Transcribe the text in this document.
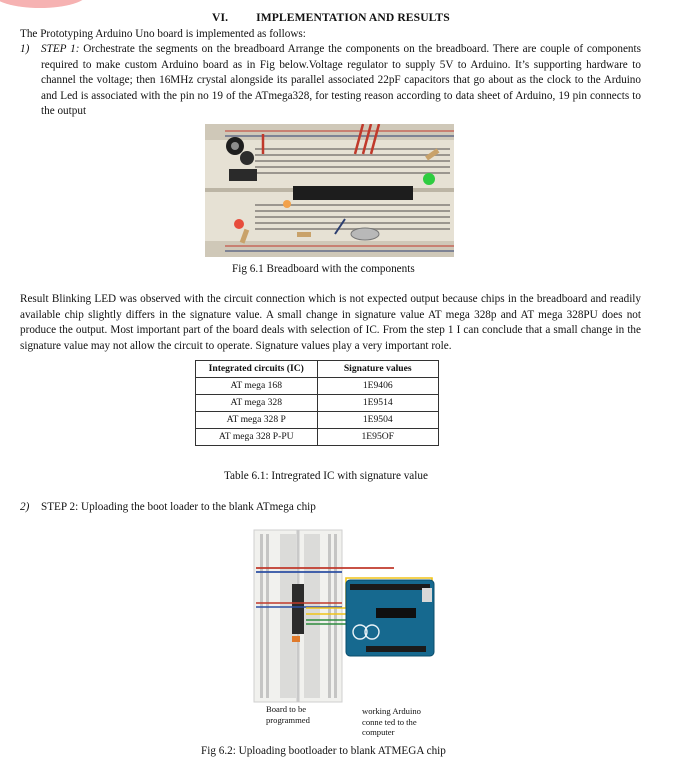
VI. IMPLEMENTATION AND RESULTS
The Prototyping Arduino Uno board is implemented as follows:
1) STEP 1: Orchestrate the segments on the breadboard Arrange the components on the breadboard. There are couple of components required to make custom Arduino board as in Fig below.Voltage regulator to supply 5V to Arduino. It’s supporting hardware to channel the voltage; then 16MHz crystal alongside its parallel associated 22pF capacitors that go about as the clock to the Arduino and Led is associated with the pin no 19 of the ATmega328, for testing reason according to data sheet of Arduino, 19 pin connects to the output
Fig 6.1 Breadboard with the components
Result Blinking LED was observed with the circuit connection which is not expected output because chips in the breadboard and readily available chip slightly differs in the signature value. A small change in signature value AT mega 328p and AT mega 328PU does not produce the output. Most important part of the board deals with selection of IC. From the step 1 I can conclude that a small change in the signature value may not allow the circuit to operate. Signature values play a very important role.
Integrated circuits (IC)	Signature values
AT mega 168	1E9406
AT mega 328	1E9514
AT mega 328 P	1E9504
AT mega 328 P-PU	1E95OF
Table 6.1: Intregrated IC with signature value
2) STEP 2: Uploading the boot loader to the blank ATmega chip
Board to be programmed
working Arduino conne ted to the computer
Fig 6.2: Uploading bootloader to blank ATMEGA chip
